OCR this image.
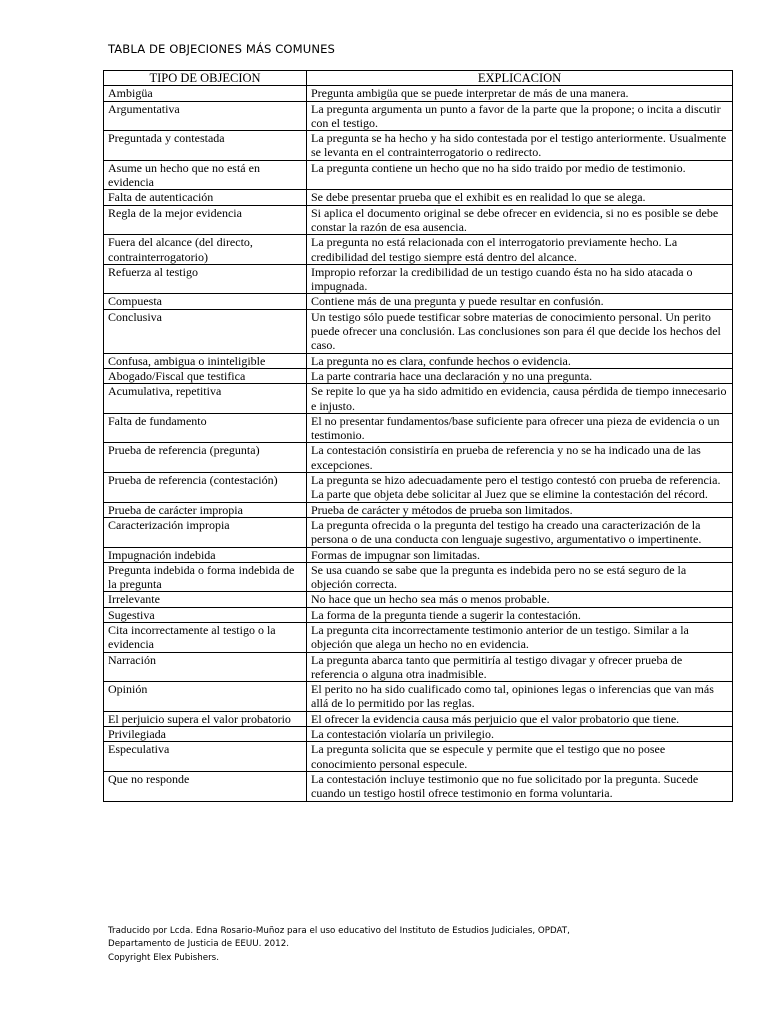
TABLA DE OBJECIONES MÁS COMUNES
TIPO DE OBJECION	EXPLICACION
Ambigüa	Pregunta ambigüa que se puede interpretar de más de una manera.
Argumentativa	La pregunta argumenta un punto a favor de la parte que la propone; o incita a discutir con el testigo.
Preguntada y contestada	La pregunta se ha hecho y ha sido contestada por el testigo anteriormente. Usualmente se levanta en el contrainterrogatorio o redirecto.
Asume un hecho que no está en evidencia	La pregunta contiene un hecho que no ha sido traido por medio de testimonio.
Falta de autenticación	Se debe presentar prueba que el exhibit es en realidad lo que se alega.
Regla de la mejor evidencia	Si aplica el documento original se debe ofrecer en evidencia, si no es posible se debe constar la razón de esa ausencia.
Fuera del alcance (del directo, contrainterrogatorio)	La pregunta no está relacionada con el interrogatorio previamente hecho. La credibilidad del testigo siempre está dentro del alcance.
Refuerza al testigo	Impropio reforzar la credibilidad de un testigo cuando ésta no ha sido atacada o impugnada.
Compuesta	Contiene más de una pregunta y puede resultar en confusión.
Conclusiva	Un testigo sólo puede testificar sobre materias de conocimiento personal. Un perito puede ofrecer una conclusión. Las conclusiones son para él que decide los hechos del caso.
Confusa, ambigua o ininteligible	La pregunta no es clara, confunde hechos o evidencia.
Abogado/Fiscal que testifica	La parte contraria hace una declaración y no una pregunta.
Acumulativa, repetitiva	Se repite lo que ya ha sido admitido en evidencia, causa pérdida de tiempo innecesario e injusto.
Falta de fundamento	El no presentar fundamentos/base suficiente para ofrecer una pieza de evidencia o un testimonio.
Prueba de referencia (pregunta)	La contestación consistiría en prueba de referencia y no se ha indicado una de las excepciones.
Prueba de referencia (contestación)	La pregunta se hizo adecuadamente pero el testigo contestó con prueba de referencia. La parte que objeta debe solicitar al Juez que se elimine la contestación del récord.
Prueba de carácter impropia	Prueba de carácter y métodos de prueba son limitados.
Caracterización impropia	La pregunta ofrecida o la pregunta del testigo ha creado una caracterización de la persona o de una conducta con lenguaje sugestivo, argumentativo o impertinente.
Impugnación indebida	Formas de impugnar son limitadas.
Pregunta indebida o forma indebida de la pregunta	Se usa cuando se sabe que la pregunta es indebida pero no se está seguro de la objeción correcta.
Irrelevante	No hace que un hecho sea más o menos probable.
Sugestiva	La forma de la pregunta tiende a sugerir la contestación.
Cita incorrectamente al testigo o la evidencia	La pregunta cita incorrectamente testimonio anterior de un testigo. Similar a la objeción que alega un hecho no en evidencia.
Narración	La pregunta abarca tanto que permitiría al testigo divagar y ofrecer prueba de referencia o alguna otra inadmisible.
Opinión	El perito no ha sido cualificado como tal, opiniones legas o inferencias que van más allá de lo permitido por las reglas.
El perjuicio supera el valor probatorio	El ofrecer la evidencia causa más perjuicio que el valor probatorio que tiene.
Privilegiada	La contestación violaría un privilegio.
Especulativa	La pregunta solicita que se especule y permite que el testigo que no posee conocimiento personal especule.
Que no responde	La contestación incluye testimonio que no fue solicitado por la pregunta. Sucede cuando un testigo hostil ofrece testimonio en forma voluntaria.
Traducido por Lcda. Edna Rosario-Muñoz para el uso educativo del Instituto de Estudios Judiciales, OPDAT,
Departamento de Justicia de EEUU. 2012.
Copyright Elex Pubishers.
